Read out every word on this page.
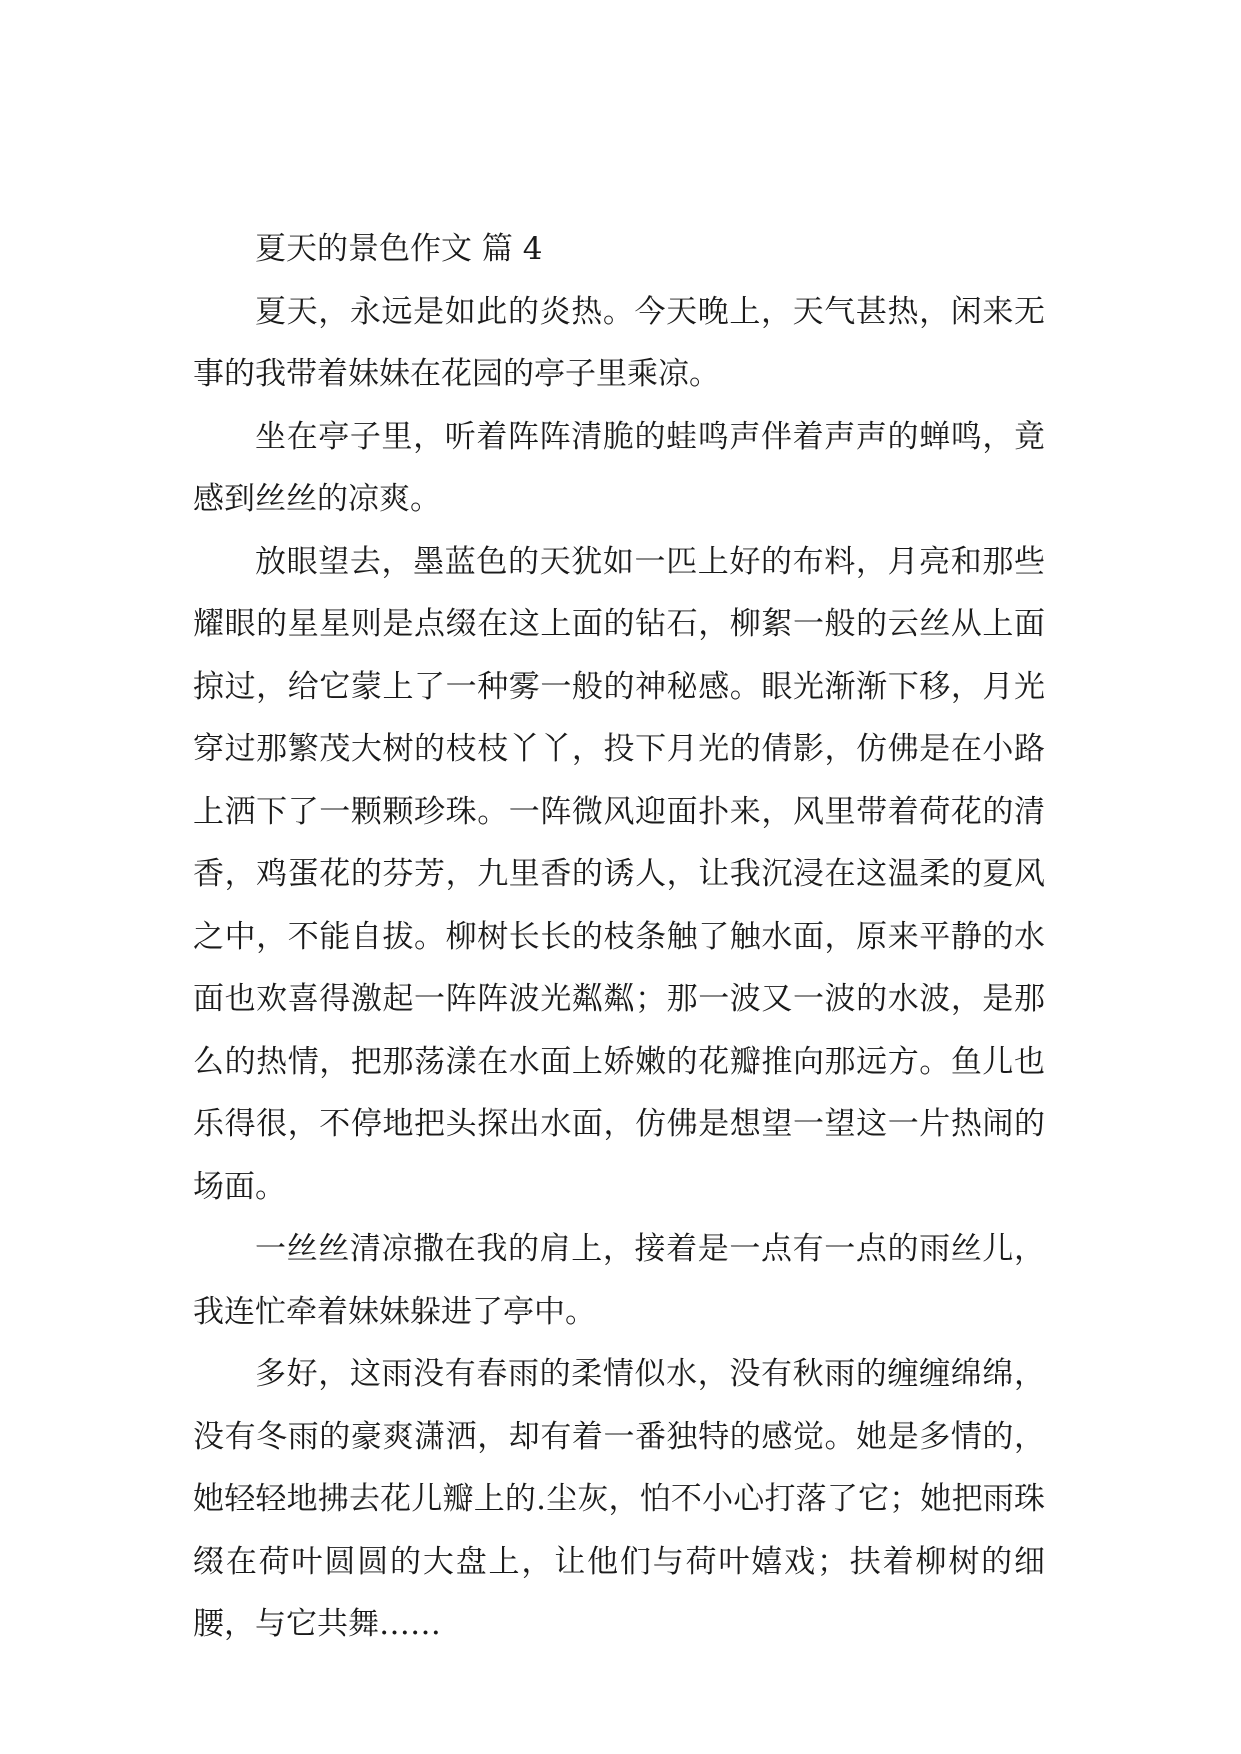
夏天的景色作文 篇 4

夏天，永远是如此的炎热。今天晚上，天气甚热，闲来无事的我带着妹妹在花园的亭子里乘凉。

坐在亭子里，听着阵阵清脆的蛙鸣声伴着声声的蝉鸣，竟感到丝丝的凉爽。

放眼望去，墨蓝色的天犹如一匹上好的布料，月亮和那些耀眼的星星则是点缀在这上面的钻石，柳絮一般的云丝从上面掠过，给它蒙上了一种雾一般的神秘感。眼光渐渐下移，月光穿过那繁茂大树的枝枝丫丫，投下月光的倩影，仿佛是在小路上洒下了一颗颗珍珠。一阵微风迎面扑来，风里带着荷花的清香，鸡蛋花的芬芳，九里香的诱人，让我沉浸在这温柔的夏风之中，不能自拔。柳树长长的枝条触了触水面，原来平静的水面也欢喜得激起一阵阵波光粼粼；那一波又一波的水波，是那么的热情，把那荡漾在水面上娇嫩的花瓣推向那远方。鱼儿也乐得很，不停地把头探出水面，仿佛是想望一望这一片热闹的场面。

一丝丝清凉撒在我的肩上，接着是一点有一点的雨丝儿，我连忙牵着妹妹躲进了亭中。

多好，这雨没有春雨的柔情似水，没有秋雨的缠缠绵绵，没有冬雨的豪爽潇洒，却有着一番独特的感觉。她是多情的，她轻轻地拂去花儿瓣上的.尘灰，怕不小心打落了它；她把雨珠缀在荷叶圆圆的大盘上，让他们与荷叶嬉戏；扶着柳树的细腰，与它共舞……
